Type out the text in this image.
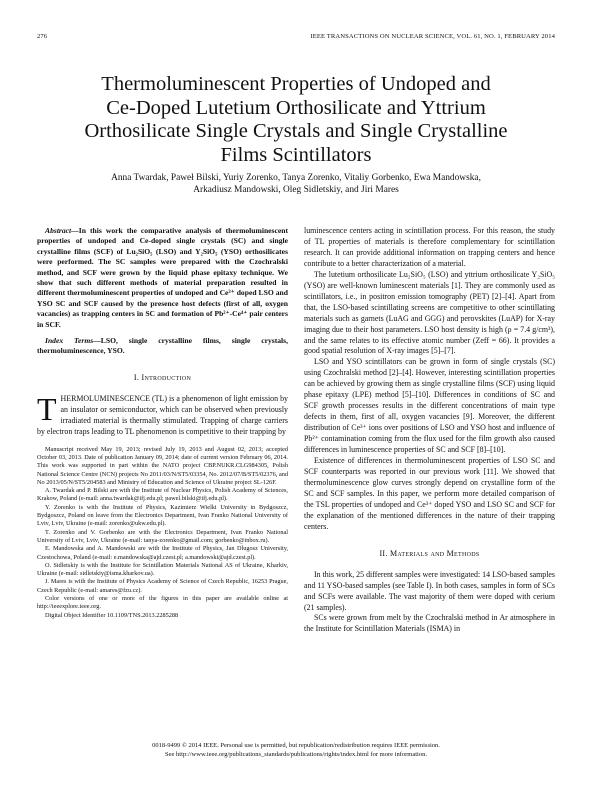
276	IEEE TRANSACTIONS ON NUCLEAR SCIENCE, VOL. 61, NO. 1, FEBRUARY 2014
Thermoluminescent Properties of Undoped and
Ce-Doped Lutetium Orthosilicate and Yttrium
Orthosilicate Single Crystals and Single Crystalline
Films Scintillators
Anna Twardak, Paweł Bilski, Yuriy Zorenko, Tanya Zorenko, Vitaliy Gorbenko, Ewa Mandowska,
Arkadiusz Mandowski, Oleg Sidletskiy, and Jiri Mares

Abstract—In this work the comparative analysis of thermoluminescent properties of undoped and Ce-doped single crystals (SC) and single crystalline films (SCF) of Lu₂SiO₅ (LSO) and Y₂SiO₅ (YSO) orthosilicates were performed. The SC samples were prepared with the Czochralski method, and SCF were grown by the liquid phase epitaxy technique. We show that such different methods of material preparation resulted in different thermoluminescent properties of undoped and Ce³⁺ doped LSO and YSO SC and SCF caused by the presence host defects (first of all, oxygen vacancies) as trapping centers in SC and formation of Pb²⁺-Ce⁴⁺ pair centers in SCF.

Index Terms—LSO, single crystalline films, single crystals, thermoluminescence, YSO.

I. Introduction

THERMOLUMINESCENCE (TL) is a phenomenon of light emission by an insulator or semiconductor, which can be observed when previously irradiated material is thermally stimulated. Trapping of charge carriers by electron traps leading to TL phenomenon is competitive to their trapping by

Manuscript received May 19, 2013; revised July 19, 2013 and August 02, 2013; accepted October 03, 2013. Date of publication January 09, 2014; date of current version February 06, 2014. This work was supported in part within the NATO project CBP.NUKR.CLG984305, Polish National Science Centre (NCN) projects No 2011/03/N/ST5/03354, No. 2012/07/B/ST5/02376, and No 2013/05/N/ST5/204583 and Ministry of Education and Science of Ukraine project SL-126F.

A. Twardak and P. Bilski are with the Institute of Nuclear Physics, Polish Academy of Sciences, Krakow, Poland (e-mail: anna.twardak@ifj.edu.pl; pawel.bilski@ifj.edu.pl).

Y. Zorenko is with the Institute of Physics, Kazimierz Wielki University in Bydgoszcz, Bydgoszcz, Poland on leave from the Electronics Department, Ivan Franko National University of Lviv, Lviv, Ukraine (e-mail: zorenko@ukw.edu.pl).

T. Zorenko and V. Gorbenko are with the Electronics Department, Ivan Franko National University of Lviv, Lviv, Ukraine (e-mail: tanya-zorenko@gmail.com; gorbenko@inbox.ru).

E. Mandowska and A. Mandowski are with the Institute of Physics, Jan Dlugosz University, Czestochowa, Poland (e-mail: e.mandowska@ajd.czest.pl; a.mandowski@ajd.czest.pl).

O. Sidletskiy is with the Institute for Scintillation Materials National AS of Ukraine, Kharkiv, Ukraine (e-mail: sidletskiy@isma.kharkov.ua).

J. Mares is with the Institute of Physics Academy of Science of Czech Republic, 16253 Prague, Czech Republic (e-mail: amares@fzu.cz).

Color versions of one or more of the figures in this paper are available online at http://ieeexplore.ieee.org.

Digital Object Identifier 10.1109/TNS.2013.2285288

luminescence centers acting in scintillation process. For this reason, the study of TL properties of materials is therefore complementary for scintillation research. It can provide additional information on trapping centers and hence contribute to a better characterization of a material.

The lutetium orthosilicate Lu₂SiO₅ (LSO) and yttrium orthosilicate Y₂SiO₅ (YSO) are well-known luminescent materials [1]. They are commonly used as scintillators, i.e., in positron emission tomography (PET) [2]–[4]. Apart from that, the LSO-based scintillating screens are competitive to other scintillating materials such as garnets (LuAG and GGG) and perovskites (LuAP) for X-ray imaging due to their host parameters. LSO host density is high (ρ = 7.4 g/cm³), and the same relates to its effective atomic number (Zeff = 66). It provides a good spatial resolution of X-ray images [5]–[7].

LSO and YSO scintillators can be grown in form of single crystals (SC) using Czochralski method [2]–[4]. However, interesting scintillation properties can be achieved by growing them as single crystalline films (SCF) using liquid phase epitaxy (LPE) method [5]–[10]. Differences in conditions of SC and SCF growth processes results in the different concentrations of main type defects in them, first of all, oxygen vacancies [9]. Moreover, the different distribution of Ce³⁺ ions over positions of LSO and YSO host and influence of Pb²⁺ contamination coming from the flux used for the film growth also caused differences in luminescence properties of SC and SCF [8]–[10].

Existence of differences in thermoluminescent properties of LSO SC and SCF counterparts was reported in our previous work [11]. We showed that thermoluminescence glow curves strongly depend on crystalline form of the SC and SCF samples. In this paper, we perform more detailed comparison of the TSL properties of undoped and Ce³⁺ doped YSO and LSO SC and SCF for the explanation of the mentioned differences in the nature of their trapping centers.

II. Materials and Methods

In this work, 25 different samples were investigated: 14 LSO-based samples and 11 YSO-based samples (see Table I). In both cases, samples in form of SCs and SCFs were available. The vast majority of them were doped with cerium (21 samples).

SCs were grown from melt by the Czochralski method in Ar atmosphere in the Institute for Scintillation Materials (ISMA) in

0018-9499 © 2014 IEEE. Personal use is permitted, but republication/redistribution requires IEEE permission.
See http://www.ieee.org/publications_standards/publications/rights/index.html for more information.
